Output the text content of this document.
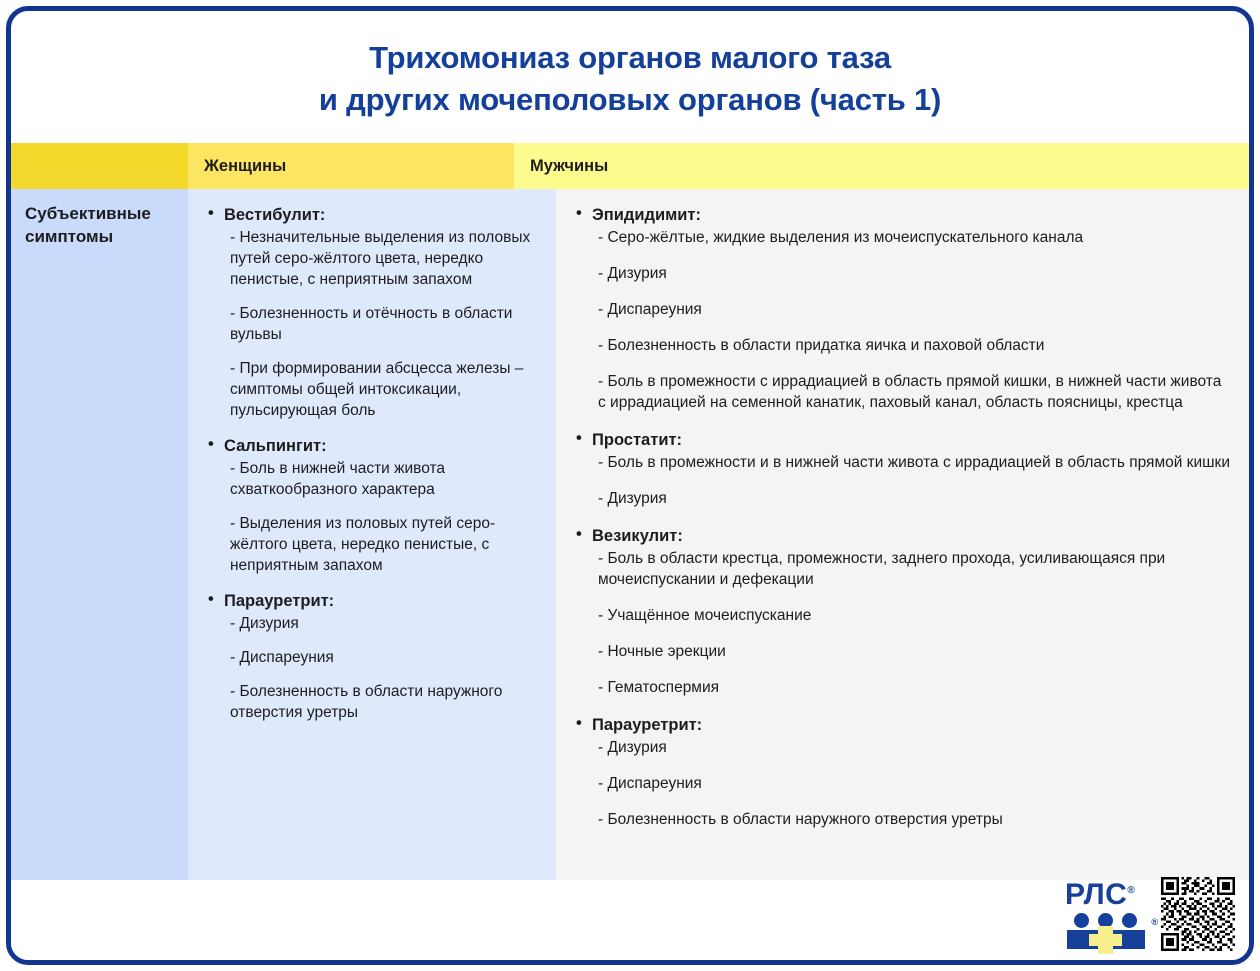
Трихомониаз органов малого таза
и других мочеполовых органов (часть 1)
Женщины	Мужчины
Субъективные симптомы
• Вестибулит:
- Незначительные выделения из половых путей серо-жёлтого цвета, нередко пенистые, с неприятным запахом
- Болезненность и отёчность в области вульвы
- При формировании абсцесса железы – симптомы общей интоксикации, пульсирующая боль
• Сальпингит:
- Боль в нижней части живота схваткообразного характера
- Выделения из половых путей серо-жёлтого цвета, нередко пенистые, с неприятным запахом
• Парауретрит:
- Дизурия
- Диспареуния
- Болезненность в области наружного отверстия уретры
• Эпидидимит:
- Серо-жёлтые, жидкие выделения из мочеиспускательного канала
- Дизурия
- Диспареуния
- Болезненность в области придатка яичка и паховой области
- Боль в промежности с иррадиацией в область прямой кишки, в нижней части живота с иррадиацией на семенной канатик, паховый канал, область поясницы, крестца
• Простатит:
- Боль в промежности и в нижней части живота с иррадиацией в область прямой кишки
- Дизурия
• Везикулит:
- Боль в области крестца, промежности, заднего прохода, усиливающаяся при мочеиспускании и дефекации
- Учащённое мочеиспускание
- Ночные эрекции
- Гематоспермия
• Парауретрит:
- Дизурия
- Диспареуния
- Болезненность в области наружного отверстия уретры
РЛС®
®
